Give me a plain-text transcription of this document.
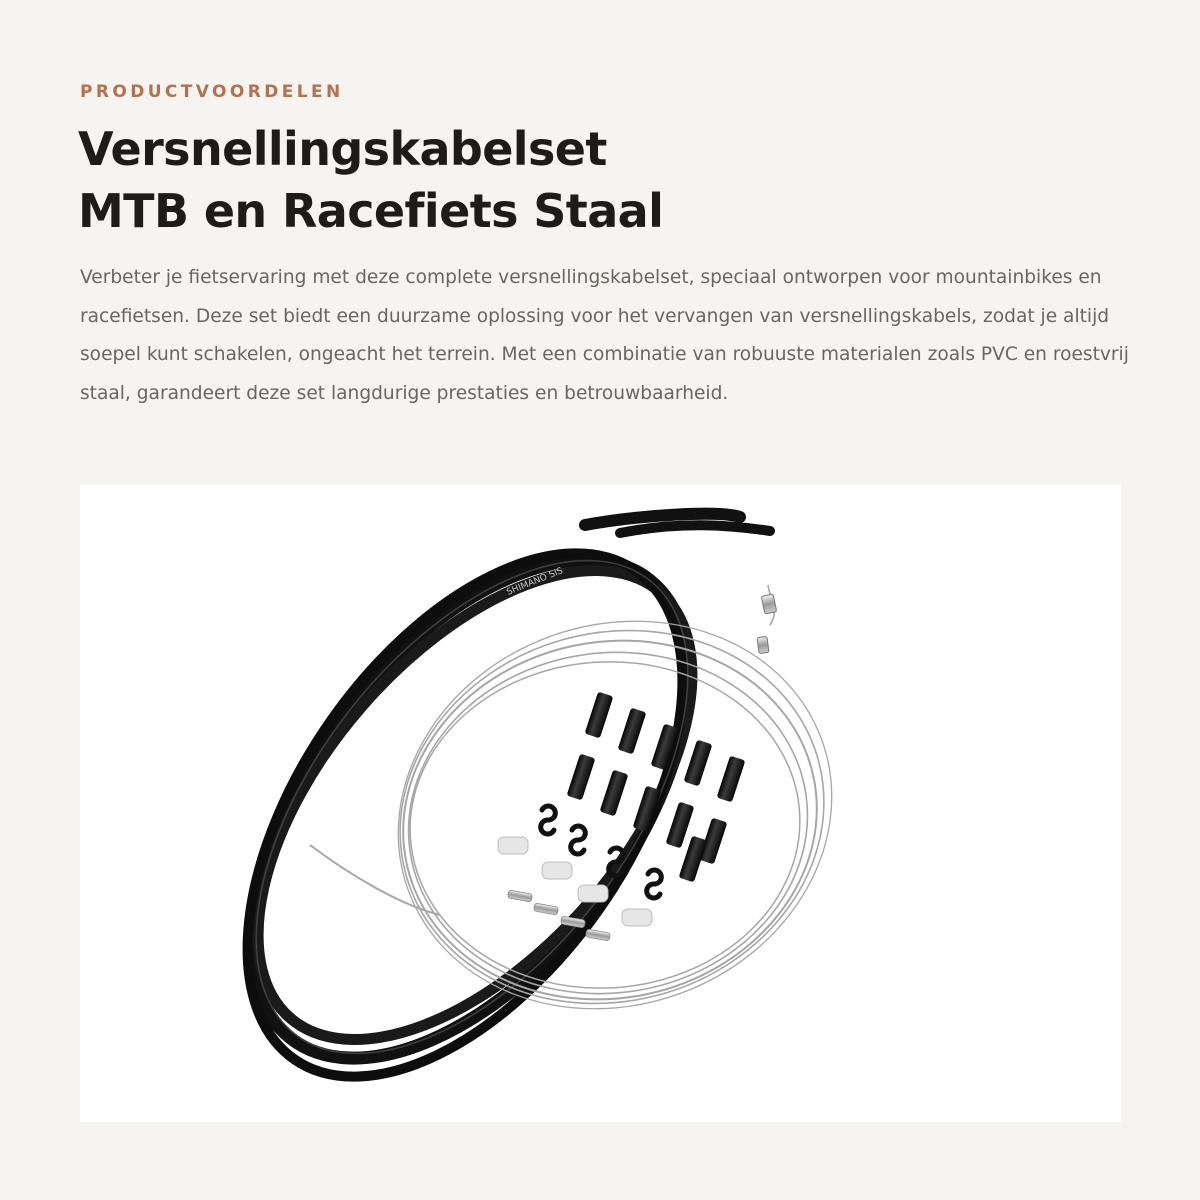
PRODUCTVOORDELEN

Versnellingskabelset
MTB en Racefiets Staal

Verbeter je fietservaring met deze complete versnellingskabelset, speciaal ontworpen voor mountainbikes en racefietsen. Deze set biedt een duurzame oplossing voor het vervangen van versnellingskabels, zodat je altijd soepel kunt schakelen, ongeacht het terrein. Met een combinatie van robuuste materialen zoals PVC en roestvrij staal, garandeert deze set langdurige prestaties en betrouwbaarheid.

SHIMANO SIS
